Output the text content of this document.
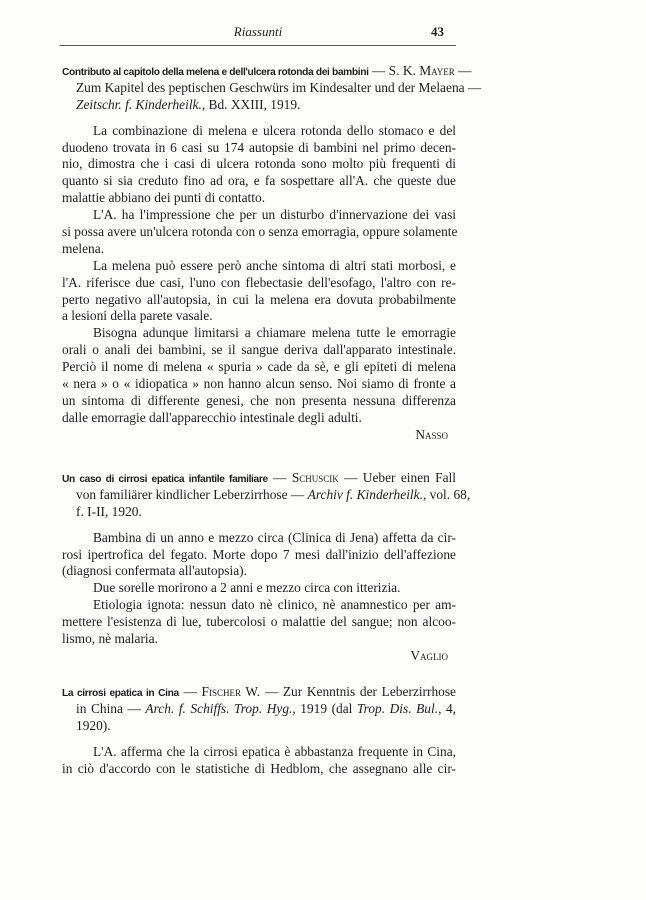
Riassunti	43
Contributo al capitolo della melena e dell'ulcera rotonda dei bambini — S. K. Mayer —
Zum Kapitel des peptischen Geschwürs im Kindesalter und der Melaena —
Zeitschr. f. Kinderheilk., Bd. XXIII, 1919.
La combinazione di melena e ulcera rotonda dello stomaco e del
duodeno trovata in 6 casi su 174 autopsie di bambini nel primo decen-
nio, dimostra che i casi di ulcera rotonda sono molto più frequenti di
quanto si sia creduto fino ad ora, e fa sospettare all'A. che queste due
malattie abbiano dei punti di contatto.
L'A. ha l'impressione che per un disturbo d'innervazione dei vasi
si possa avere un'ulcera rotonda con o senza emorragia, oppure solamente
melena.
La melena può essere però anche sintoma di altri stati morbosi, e
l'A. riferisce due casi, l'uno con flebectasie dell'esofago, l'altro con re-
perto negativo all'autopsia, in cui la melena era dovuta probabilmente
a lesioni della parete vasale.
Bisogna adunque limitarsi a chiamare melena tutte le emorragie
orali o anali dei bambini, se il sangue deriva dall'apparato intestinale.
Perciò il nome di melena « spuria » cade da sè, e gli epiteti di melena
« nera » o « idiopatica » non hanno alcun senso. Noi siamo di fronte a
un sintoma di differente genesi, che non presenta nessuna differenza
dalle emorragie dall'apparecchio intestinale degli adulti.
Nasso
Un caso di cirrosi epatica infantile familiare — Schuscik — Ueber einen Fall
von familiärer kindlicher Leberzirrhose — Archiv f. Kinderheilk., vol. 68,
f. I-II, 1920.
Bambina di un anno e mezzo circa (Clinica di Jena) affetta da cir-
rosi ipertrofica del fegato. Morte dopo 7 mesi dall'inizio dell'affezione
(diagnosi confermata all'autopsia).
Due sorelle morirono a 2 anni e mezzo circa con itterizia.
Etiologia ignota: nessun dato nè clinico, nè anamnestico per am-
mettere l'esistenza di lue, tubercolosi o malattie del sangue; non alcoo-
lismo, nè malaria.
Vaglio
La cirrosi epatica in Cina — Fischer W. — Zur Kenntnis der Leberzirrhose
in China — Arch. f. Schiffs. Trop. Hyg., 1919 (dal Trop. Dis. Bul., 4,
1920).
L'A. afferma che la cirrosi epatica è abbastanza frequente in Cina,
in ciò d'accordo con le statistiche di Hedblom, che assegnano alle cir-
